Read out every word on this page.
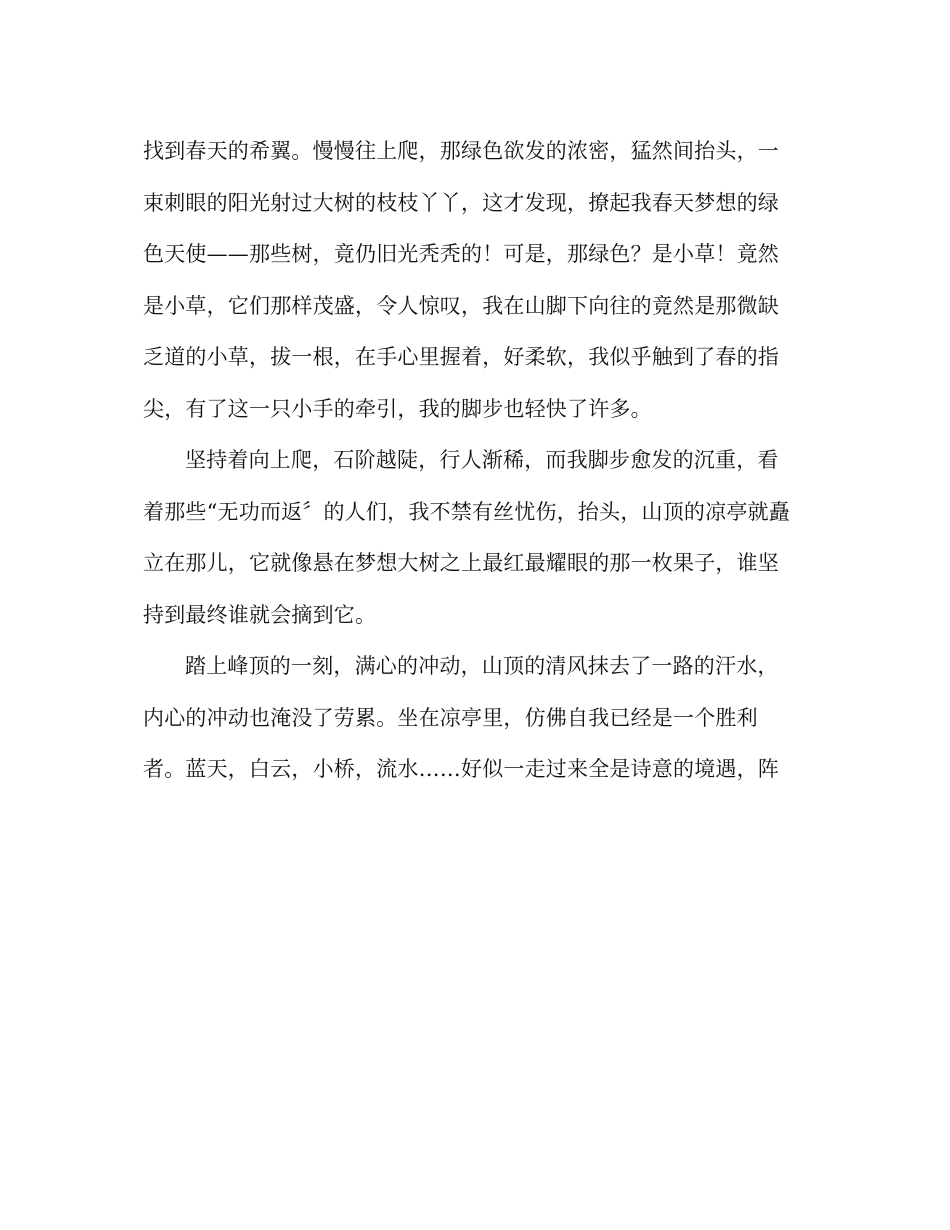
找到春天的希翼。慢慢往上爬，那绿色欲发的浓密，猛然间抬头，一
束刺眼的阳光射过大树的枝枝丫丫，这才发现，撩起我春天梦想的绿
色天使——那些树，竟仍旧光秃秃的！可是，那绿色？是小草！竟然
是小草，它们那样茂盛，令人惊叹，我在山脚下向往的竟然是那微缺
乏道的小草，拔一根，在手心里握着，好柔软，我似乎触到了春的指
尖，有了这一只小手的牵引，我的脚步也轻快了许多。
坚持着向上爬，石阶越陡，行人渐稀，而我脚步愈发的沉重，看
着那些“无功而返〞的人们，我不禁有丝忧伤，抬头，山顶的凉亭就矗
立在那儿，它就像悬在梦想大树之上最红最耀眼的那一枚果子，谁坚
持到最终谁就会摘到它。
踏上峰顶的一刻，满心的冲动，山顶的清风抹去了一路的汗水，
内心的冲动也淹没了劳累。坐在凉亭里，仿佛自我已经是一个胜利
者。蓝天，白云，小桥，流水……好似一走过来全是诗意的境遇，阵
